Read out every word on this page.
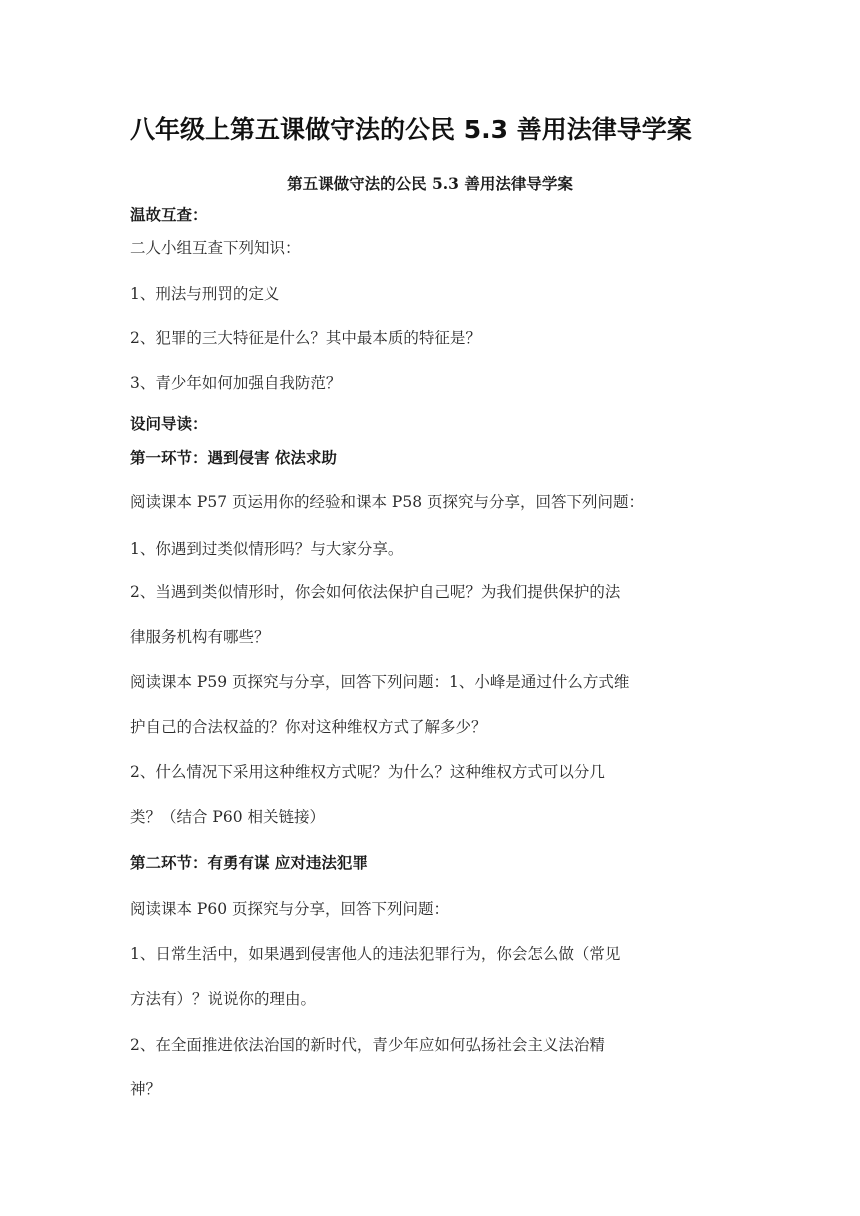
八年级上第五课做守法的公民 5.3 善用法律导学案
第五课做守法的公民 5.3 善用法律导学案
温故互查：
二人小组互查下列知识：
1、刑法与刑罚的定义
2、犯罪的三大特征是什么？其中最本质的特征是？
3、青少年如何加强自我防范？
设问导读：
第一环节：遇到侵害 依法求助
阅读课本 P57 页运用你的经验和课本 P58 页探究与分享，回答下列问题：
1、你遇到过类似情形吗？与大家分享。
2、当遇到类似情形时，你会如何依法保护自己呢？为我们提供保护的法
律服务机构有哪些？
阅读课本 P59 页探究与分享，回答下列问题：1、小峰是通过什么方式维
护自己的合法权益的？你对这种维权方式了解多少？
2、什么情况下采用这种维权方式呢？为什么？这种维权方式可以分几
类？（结合 P60 相关链接）
第二环节：有勇有谋 应对违法犯罪
阅读课本 P60 页探究与分享，回答下列问题：
1、日常生活中，如果遇到侵害他人的违法犯罪行为，你会怎么做（常见
方法有）？说说你的理由。
2、在全面推进依法治国的新时代，青少年应如何弘扬社会主义法治精
神？
